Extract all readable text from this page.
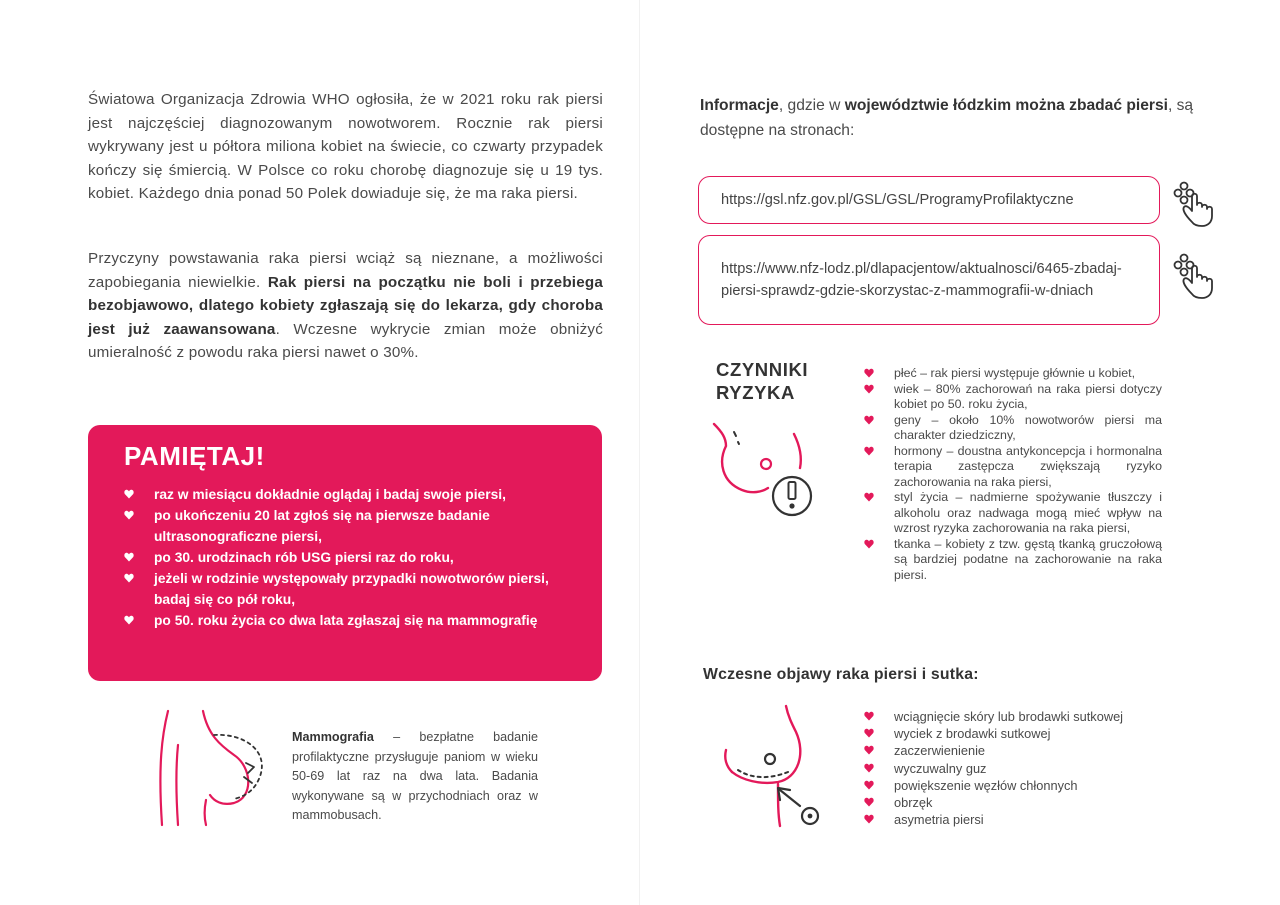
Światowa Organizacja Zdrowia WHO ogłosiła, że w 2021 roku rak piersi jest najczęściej diagnozowanym nowotworem. Rocznie rak piersi wykrywany jest u półtora miliona kobiet na świecie, co czwarty przypadek kończy się śmiercią. W Polsce co roku chorobę diagnozuje się u 19 tys. kobiet. Każdego dnia ponad 50 Polek dowiaduje się, że ma raka piersi.

Przyczyny powstawania raka piersi wciąż są nieznane, a możliwości zapobiegania niewielkie. Rak piersi na początku nie boli i przebiega bezobjawowo, dlatego kobiety zgłaszają się do lekarza, gdy choroba jest już zaawansowana. Wczesne wykrycie zmian może obniżyć umieralność z powodu raka piersi nawet o 30%.

PAMIĘTAJ!
raz w miesiącu dokładnie oglądaj i badaj swoje piersi,
po ukończeniu 20 lat zgłoś się na pierwsze badanie ultrasonograficzne piersi,
po 30. urodzinach rób USG piersi raz do roku,
jeżeli w rodzinie występowały przypadki nowotworów piersi, badaj się co pół roku,
po 50. roku życia co dwa lata zgłaszaj się na mammografię

Mammografia – bezpłatne badanie profilaktyczne przysługuje paniom w wieku 50-69 lat raz na dwa lata. Badania wykonywane są w przychodniach oraz w mammobusach.

Informacje, gdzie w województwie łódzkim można zbadać piersi, są dostępne na stronach:

https://gsl.nfz.gov.pl/GSL/GSL/ProgramyProfilaktyczne
https://www.nfz-lodz.pl/dlapacjentow/aktualnosci/6465-zbadaj-piersi-sprawdz-gdzie-skorzystac-z-mammografii-w-dniach
CZYNNIKI
RYZYKA
płeć – rak piersi występuje głównie u kobiet,
wiek – 80% zachorowań na raka piersi dotyczy kobiet po 50. roku życia,
geny – około 10% nowotworów piersi ma charakter dziedziczny,
hormony – doustna antykoncepcja i hormonalna terapia zastępcza zwiększają ryzyko zachorowania na raka piersi,
styl życia – nadmierne spożywanie tłuszczy i alkoholu oraz nadwaga mogą mieć wpływ na wzrost ryzyka zachorowania na raka piersi,
tkanka – kobiety z tzw. gęstą tkanką gruczołową są bardziej podatne na zachorowanie na raka piersi.
Wczesne objawy raka piersi i sutka:
wciągnięcie skóry lub brodawki sutkowej
wyciek z brodawki sutkowej
zaczerwienienie
wyczuwalny guz
powiększenie węzłów chłonnych
obrzęk
asymetria piersi
